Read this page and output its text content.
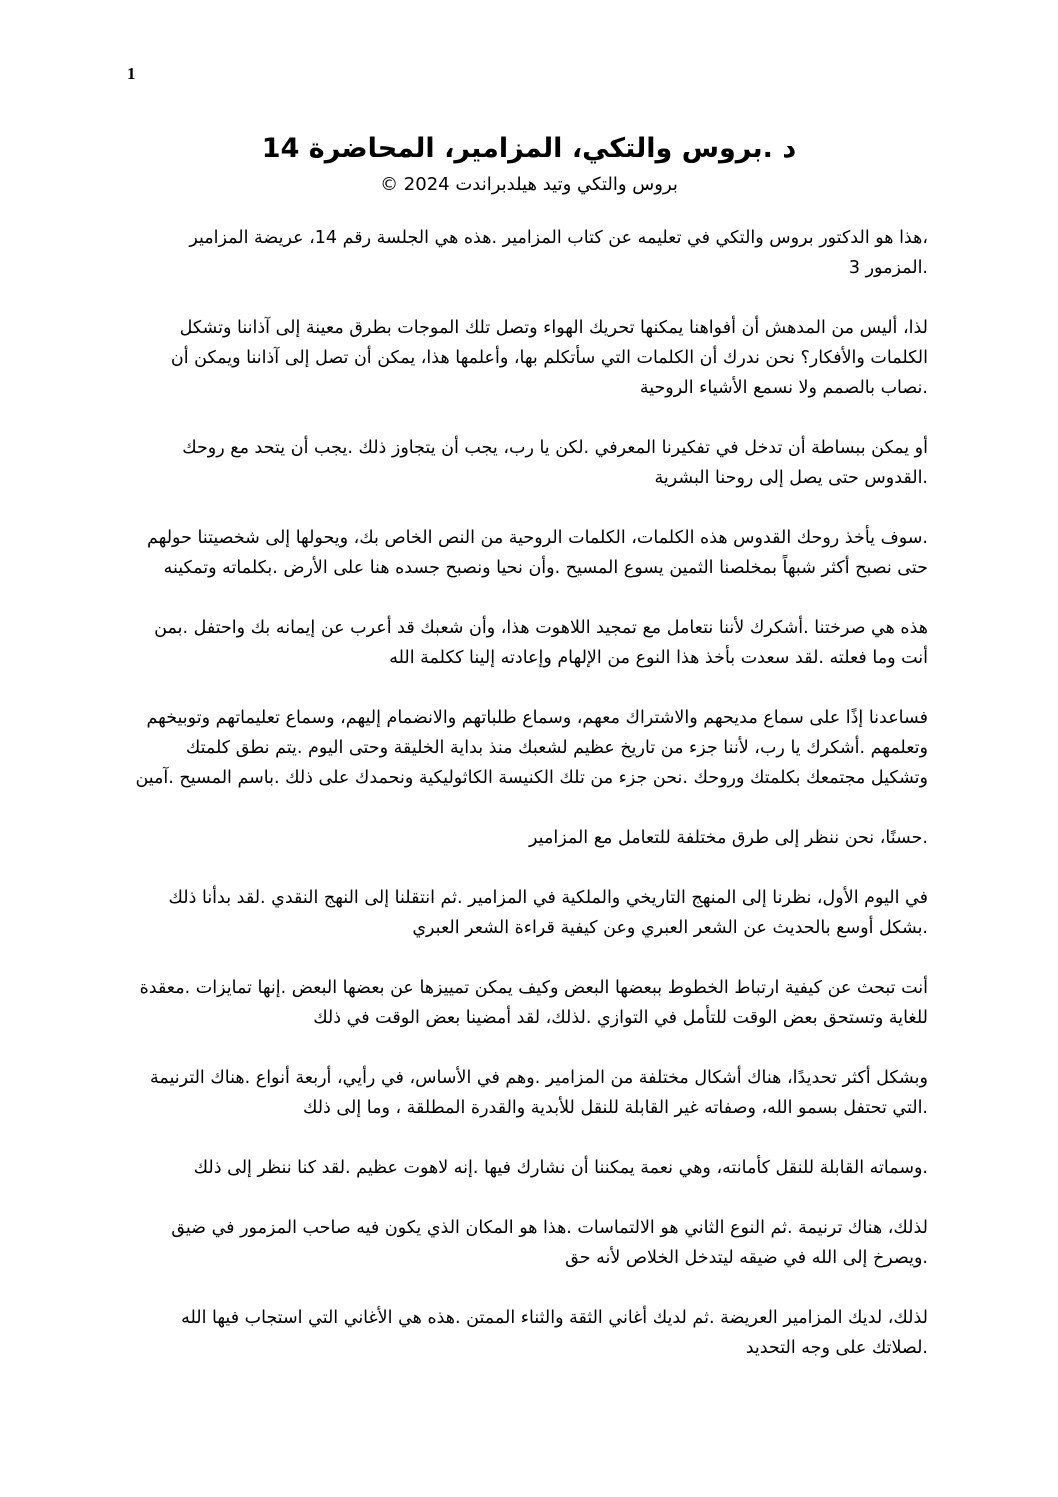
1
د .بروس والتكي، المزامير، المحاضرة 14
بروس والتكي وتيد هيلدبراندت 2024 ©

،هذا هو الدكتور بروس والتكي في تعليمه عن كتاب المزامير .هذه هي الجلسة رقم 14، عريضة المزامير .المزمور 3

لذا، أليس من المدهش أن أفواهنا يمكنها تحريك الهواء وتصل تلك الموجات بطرق معينة إلى آذاننا وتشكل الكلمات والأفكار؟ نحن ندرك أن الكلمات التي سأتكلم بها، وأعلمها هذا، يمكن أن تصل إلى آذاننا ويمكن أن .نصاب بالصمم ولا نسمع الأشياء الروحية

أو يمكن ببساطة أن تدخل في تفكيرنا المعرفي .لكن يا رب، يجب أن يتجاوز ذلك .يجب أن يتحد مع روحك .القدوس حتى يصل إلى روحنا البشرية

.سوف يأخذ روحك القدوس هذه الكلمات، الكلمات الروحية من النص الخاص بك، ويحولها إلى شخصيتنا حولهم حتى نصبح أكثر شبهاً بمخلصنا الثمين يسوع المسيح .وأن نحيا ونصبح جسده هنا على الأرض .بكلماته وتمكينه

هذه هي صرختنا .أشكرك لأننا نتعامل مع تمجيد اللاهوت هذا، وأن شعبك قد أعرب عن إيمانه بك واحتفل .بمن أنت وما فعلته .لقد سعدت بأخذ هذا النوع من الإلهام وإعادته إلينا ككلمة الله

فساعدنا إذًا على سماع مديحهم والاشتراك معهم، وسماع طلباتهم والانضمام إليهم، وسماع تعليماتهم وتوبيخهم وتعلمهم .أشكرك يا رب، لأننا جزء من تاريخ عظيم لشعبك منذ بداية الخليقة وحتى اليوم .يتم نطق كلمتك وتشكيل مجتمعك بكلمتك وروحك .نحن جزء من تلك الكنيسة الكاثوليكية ونحمدك على ذلك .باسم المسيح .آمين

.حسنًا، نحن ننظر إلى طرق مختلفة للتعامل مع المزامير

في اليوم الأول، نظرنا إلى المنهج التاريخي والملكية في المزامير .ثم انتقلنا إلى النهج النقدي .لقد بدأنا ذلك .بشكل أوسع بالحديث عن الشعر العبري وعن كيفية قراءة الشعر العبري

أنت تبحث عن كيفية ارتباط الخطوط ببعضها البعض وكيف يمكن تمييزها عن بعضها البعض .إنها تمايزات .معقدة للغاية وتستحق بعض الوقت للتأمل في التوازي .لذلك، لقد أمضينا بعض الوقت في ذلك

وبشكل أكثر تحديدًا، هناك أشكال مختلفة من المزامير .وهم في الأساس، في رأيي، أربعة أنواع .هناك الترنيمة .التي تحتفل بسمو الله، وصفاته غير القابلة للنقل للأبدية والقدرة المطلقة ، وما إلى ذلك

.وسماته القابلة للنقل كأمانته، وهي نعمة يمكننا أن نشارك فيها .إنه لاهوت عظيم .لقد كنا ننظر إلى ذلك

لذلك، هناك ترنيمة .ثم النوع الثاني هو الالتماسات .هذا هو المكان الذي يكون فيه صاحب المزمور في ضيق .ويصرخ إلى الله في ضيقه ليتدخل الخلاص لأنه حق

لذلك، لديك المزامير العريضة .ثم لديك أغاني الثقة والثناء الممتن .هذه هي الأغاني التي استجاب فيها الله .لصلاتك على وجه التحديد
